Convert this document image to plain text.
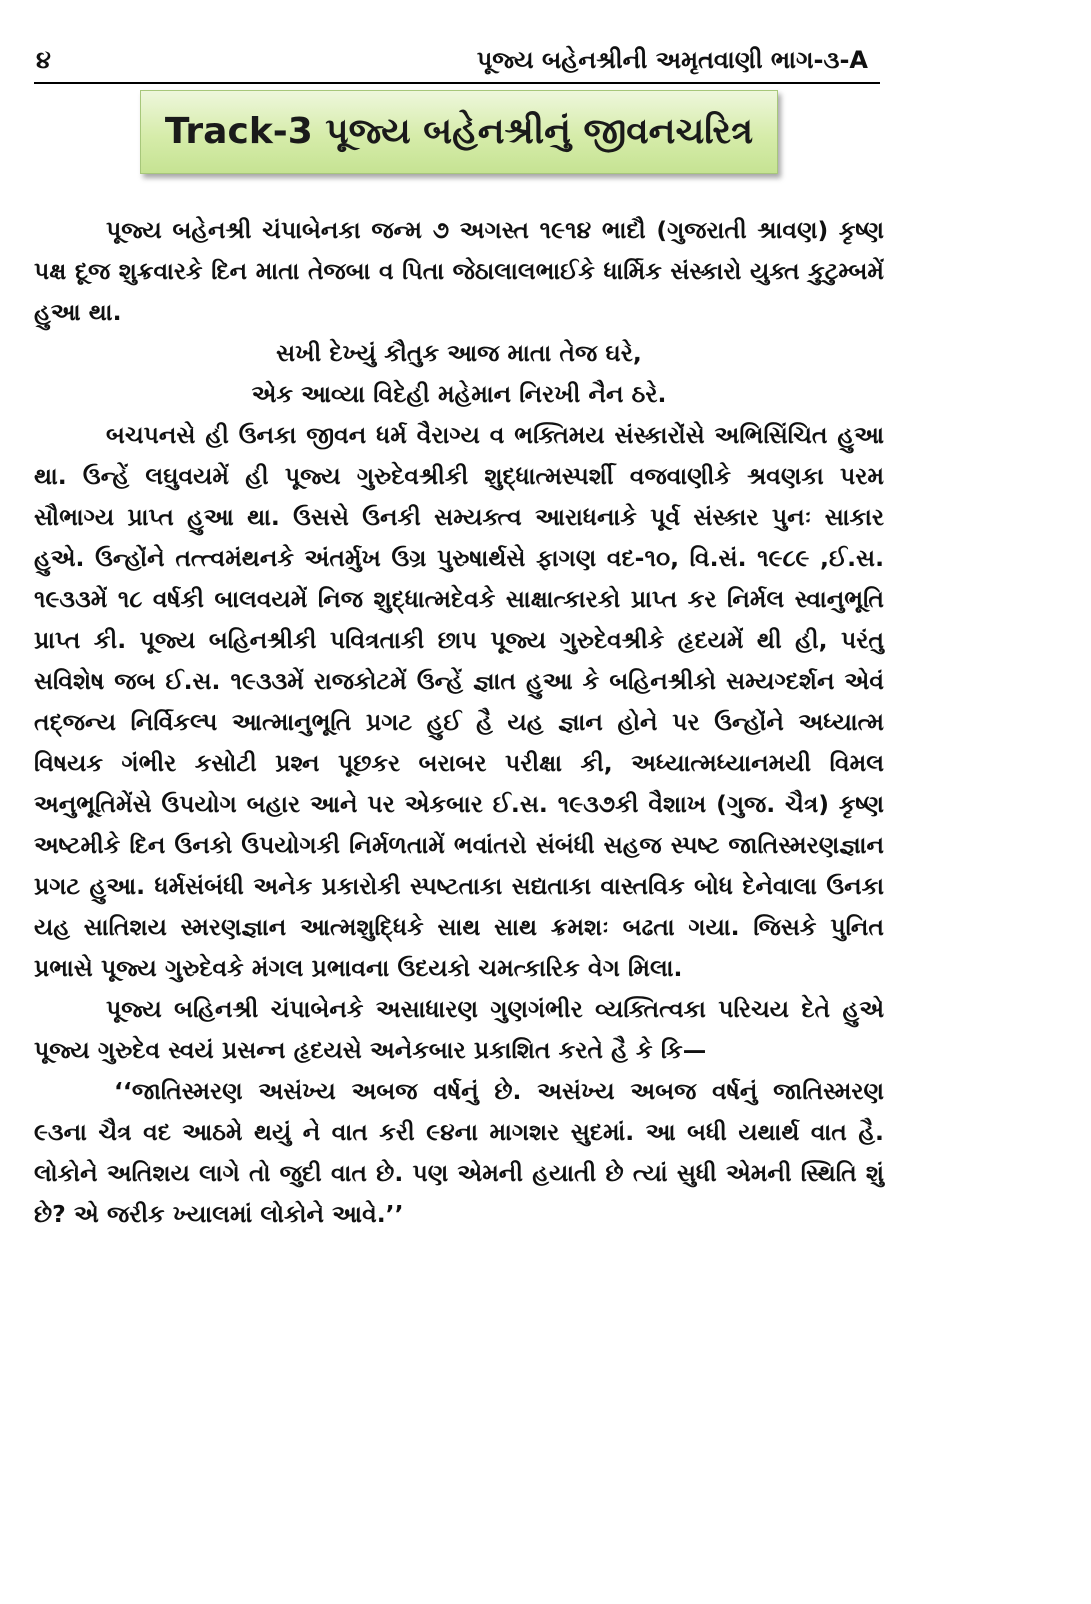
૪	પૂજ્ય બહેનશ્રીની અમૃતવાણી ભાગ-૩-A
Track-3 પૂજ્ય બહેનશ્રીનું જીવનચરિત્ર

પૂજ્ય બહેનશ્રી ચંપાબેનકા જન્મ ૭ અગસ્ત ૧૯૧૪ ભાદૌ (ગુજરાતી શ્રાવણ) કૃષ્ણ પક્ષ દૂજ શુક્રવારકે દિન માતા તેજબા વ પિતા જેઠાલાલભાઈકે ધાર્મિક સંસ્કારો યુક્ત કુટુમ્બમેં હુઆ થા.

સખી દેખ્યું કૌતુક આજ માતા તેજ ઘરે,
એક આવ્યા વિદેહી મહેમાન નિરખી નૈન ઠરે.

બચપનસે હી ઉનકા જીવન ધર્મ વૈરાગ્ય વ ભક્તિમય સંસ્કારોંસે અભિસિંચિત હુઆ થા. ઉન્હેં લઘુવયમેં હી પૂજ્ય ગુરુદેવશ્રીકી શુદ્ધાત્મસ્પર્શી વજવાણીકે શ્રવણકા પરમ સૌભાગ્ય પ્રાપ્ત હુઆ થા. ઉસસે ઉનકી સમ્યક્ત્વ આરાધનાકે પૂર્વ સંસ્કાર પુનઃ સાકાર હુએ. ઉન્હોંને તત્ત્વમંથનકે અંતર્મુખ ઉગ્ર પુરુષાર્થસે ફાગણ વદ-૧૦, વિ.સં. ૧૯૮૯ ,ઈ.સ. ૧૯૩૩મેં ૧૮ વર્ષકી બાલવયમેં નિજ શુદ્ધાત્મદેવકે સાક્ષાત્કારકો પ્રાપ્ત કર નિર્મલ સ્વાનુભૂતિ પ્રાપ્ત કી. પૂજ્ય બહિનશ્રીકી પવિત્રતાકી છાપ પૂજ્ય ગુરુદેવશ્રીકે હૃદયમેં થી હી, પરંતુ સવિશેષ જબ ઈ.સ. ૧૯૩૩મેં રાજકોટમેં ઉન્હેં જ્ઞાત હુઆ કે બહિનશ્રીકો સમ્યગ્દર્શન એવં તદ્જન્ય નિર્વિકલ્પ આત્માનુભૂતિ પ્રગટ હુઈ હૈ યહ જ્ઞાન હોને પર ઉન્હોંને અધ્યાત્મ વિષયક ગંભીર કસોટી પ્રશ્ન પૂછકર બરાબર પરીક્ષા કી, અધ્યાત્મધ્યાનમયી વિમલ અનુભૂતિમેંસે ઉપયોગ બહાર આને પર એકબાર ઈ.સ. ૧૯૩૭કી વૈશાખ (ગુજ. ચૈત્ર) કૃષ્ણ અષ્ટમીકે દિન ઉનકો ઉપયોગકી નિર્મળતામેં ભવાંતરો સંબંધી સહજ સ્પષ્ટ જાતિસ્મરણજ્ઞાન પ્રગટ હુઆ. ધર્મસંબંધી અનેક પ્રકારોકી સ્પષ્ટતાકા સદ્યતાકા વાસ્તવિક બોધ દેનેવાલા ઉનકા યહ સાતિશય સ્મરણજ્ઞાન આત્મશુદ્ધિકે સાથ સાથ ક્રમશઃ બઢતા ગયા. જિસકે પુનિત પ્રભાસે પૂજ્ય ગુરુદેવકે મંગલ પ્રભાવના ઉદયકો ચમત્કારિક વેગ મિલા.

પૂજ્ય બહિનશ્રી ચંપાબેનકે અસાધારણ ગુણગંભીર વ્યક્તિત્વકા પરિચય દેતે હુએ પૂજ્ય ગુરુદેવ સ્વયં પ્રસન્ન હૃદયસે અનેકબાર પ્રકાશિત કરતે હૈ કે કિ—

‘‘જાતિસ્મરણ અસંખ્ય અબજ વર્ષનું છે. અસંખ્ય અબજ વર્ષનું જાતિસ્મરણ ૯૩ના ચૈત્ર વદ આઠમે થયું ને વાત કરી ૯૪ના માગશર સુદમાં. આ બધી યથાર્થ વાત હૈ. લોકોને અતિશય લાગે તો જુદી વાત છે. પણ એમની હયાતી છે ત્યાં સુધી એમની સ્થિતિ શું છે? એ જરીક ખ્યાલમાં લોકોને આવે.’’
